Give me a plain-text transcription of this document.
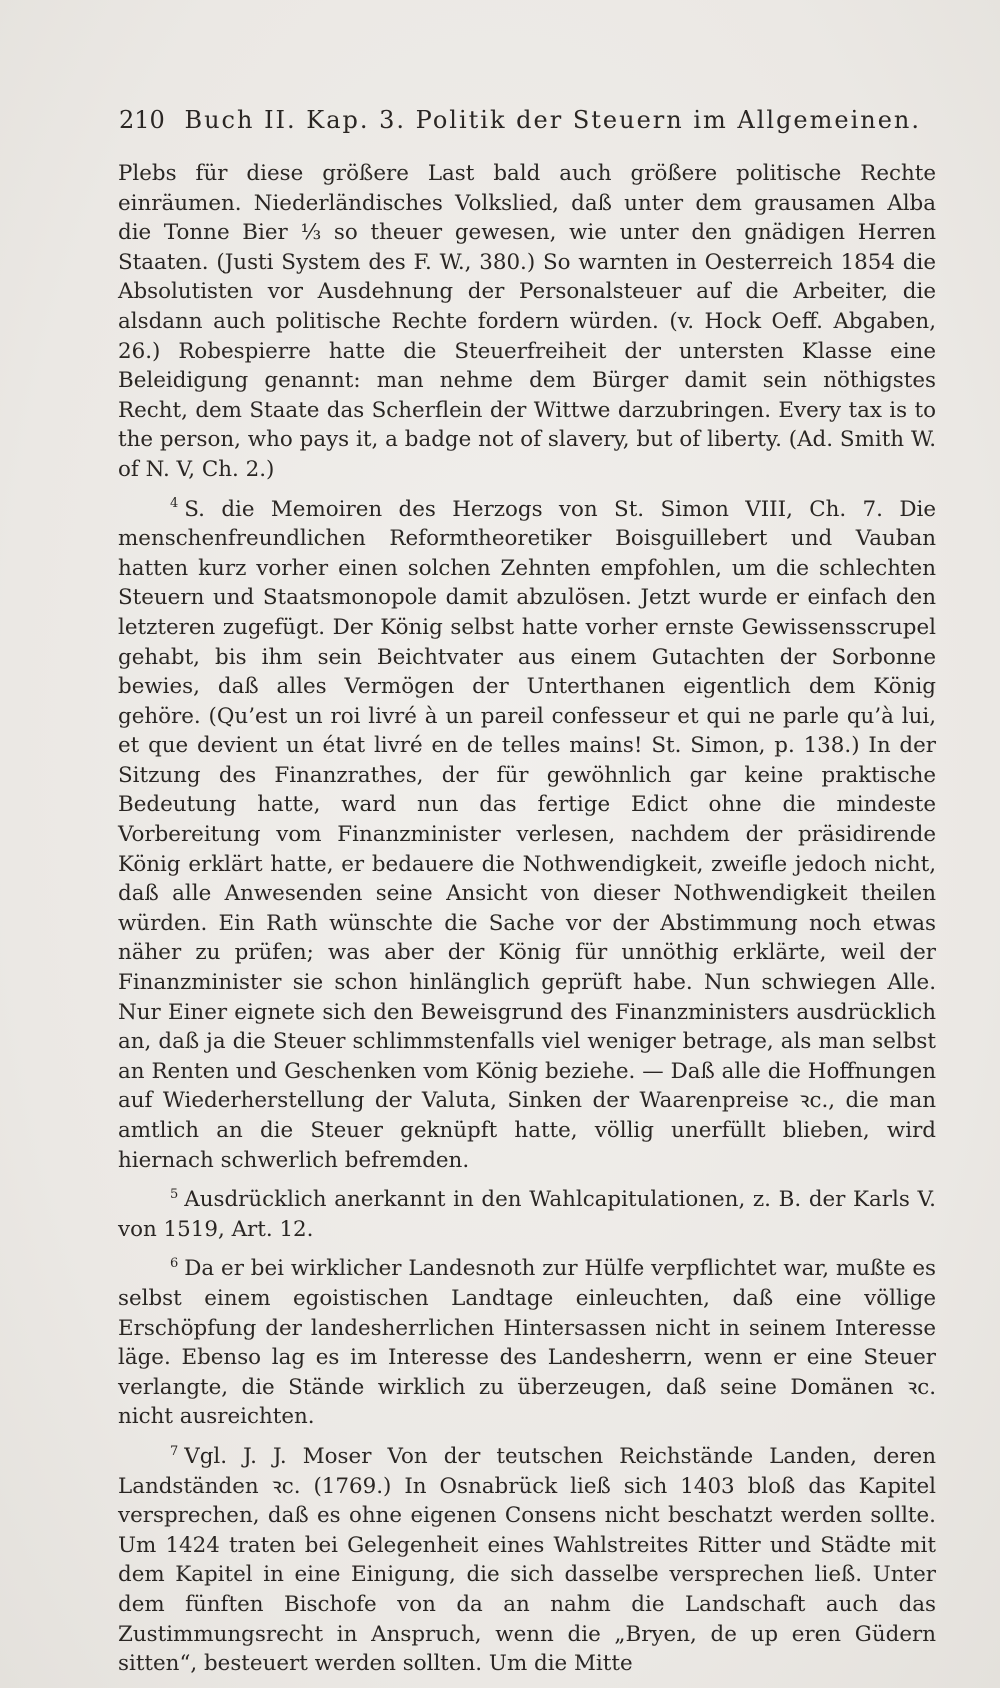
210 Buch II. Kap. 3. Politik der Steuern im Allgemeinen.

Plebs für diese größere Last bald auch größere politische Rechte einräumen. Niederländisches Volkslied, daß unter dem grausamen Alba die Tonne Bier ⅓ so theuer gewesen, wie unter den gnädigen Herren Staaten. (Justi System des F. W., 380.) So warnten in Oesterreich 1854 die Absolutisten vor Ausdehnung der Personalsteuer auf die Arbeiter, die alsdann auch politische Rechte fordern würden. (v. Hock Oeff. Abgaben, 26.) Robespierre hatte die Steuerfreiheit der untersten Klasse eine Beleidigung genannt: man nehme dem Bürger damit sein nöthigstes Recht, dem Staate das Scherflein der Wittwe darzubringen. Every tax is to the person, who pays it, a badge not of slavery, but of liberty. (Ad. Smith W. of N. V, Ch. 2.)

$^4$ S. die Memoiren des Herzogs von St. Simon VIII, Ch. 7. Die menschenfreundlichen Reformtheoretiker Boisguillebert und Vauban hatten kurz vorher einen solchen Zehnten empfohlen, um die schlechten Steuern und Staatsmonopole damit abzulösen. Jetzt wurde er einfach den letzteren zugefügt. Der König selbst hatte vorher ernste Gewissensscrupel gehabt, bis ihm sein Beichtvater aus einem Gutachten der Sorbonne bewies, daß alles Vermögen der Unterthanen eigentlich dem König gehöre. (Qu’est un roi livré à un pareil confesseur et qui ne parle qu’à lui, et que devient un état livré en de telles mains! St. Simon, p. 138.) In der Sitzung des Finanzrathes, der für gewöhnlich gar keine praktische Bedeutung hatte, ward nun das fertige Edict ohne die mindeste Vorbereitung vom Finanzminister verlesen, nachdem der präsidirende König erklärt hatte, er bedauere die Nothwendigkeit, zweifle jedoch nicht, daß alle Anwesenden seine Ansicht von dieser Nothwendigkeit theilen würden. Ein Rath wünschte die Sache vor der Abstimmung noch etwas näher zu prüfen; was aber der König für unnöthig erklärte, weil der Finanzminister sie schon hinlänglich geprüft habe. Nun schwiegen Alle. Nur Einer eignete sich den Beweisgrund des Finanzministers ausdrücklich an, daß ja die Steuer schlimmstenfalls viel weniger betrage, als man selbst an Renten und Geschenken vom König beziehe. — Daß alle die Hoffnungen auf Wiederherstellung der Valuta, Sinken der Waarenpreise ꝛc., die man amtlich an die Steuer geknüpft hatte, völlig unerfüllt blieben, wird hiernach schwerlich befremden.

$^5$ Ausdrücklich anerkannt in den Wahlcapitulationen, z. B. der Karls V. von 1519, Art. 12.

$^6$ Da er bei wirklicher Landesnoth zur Hülfe verpflichtet war, mußte es selbst einem egoistischen Landtage einleuchten, daß eine völlige Erschöpfung der landesherrlichen Hintersassen nicht in seinem Interesse läge. Ebenso lag es im Interesse des Landesherrn, wenn er eine Steuer verlangte, die Stände wirklich zu überzeugen, daß seine Domänen ꝛc. nicht ausreichten.

$^7$ Vgl. J. J. Moser Von der teutschen Reichstände Landen, deren Landständen ꝛc. (1769.) In Osnabrück ließ sich 1403 bloß das Kapitel versprechen, daß es ohne eigenen Consens nicht beschatzt werden sollte. Um 1424 traten bei Gelegenheit eines Wahlstreites Ritter und Städte mit dem Kapitel in eine Einigung, die sich dasselbe versprechen ließ. Unter dem fünften Bischofe von da an nahm die Landschaft auch das Zustimmungsrecht in Anspruch, wenn die „Bryen, de up eren Güdern sitten“, besteuert werden sollten. Um die Mitte
